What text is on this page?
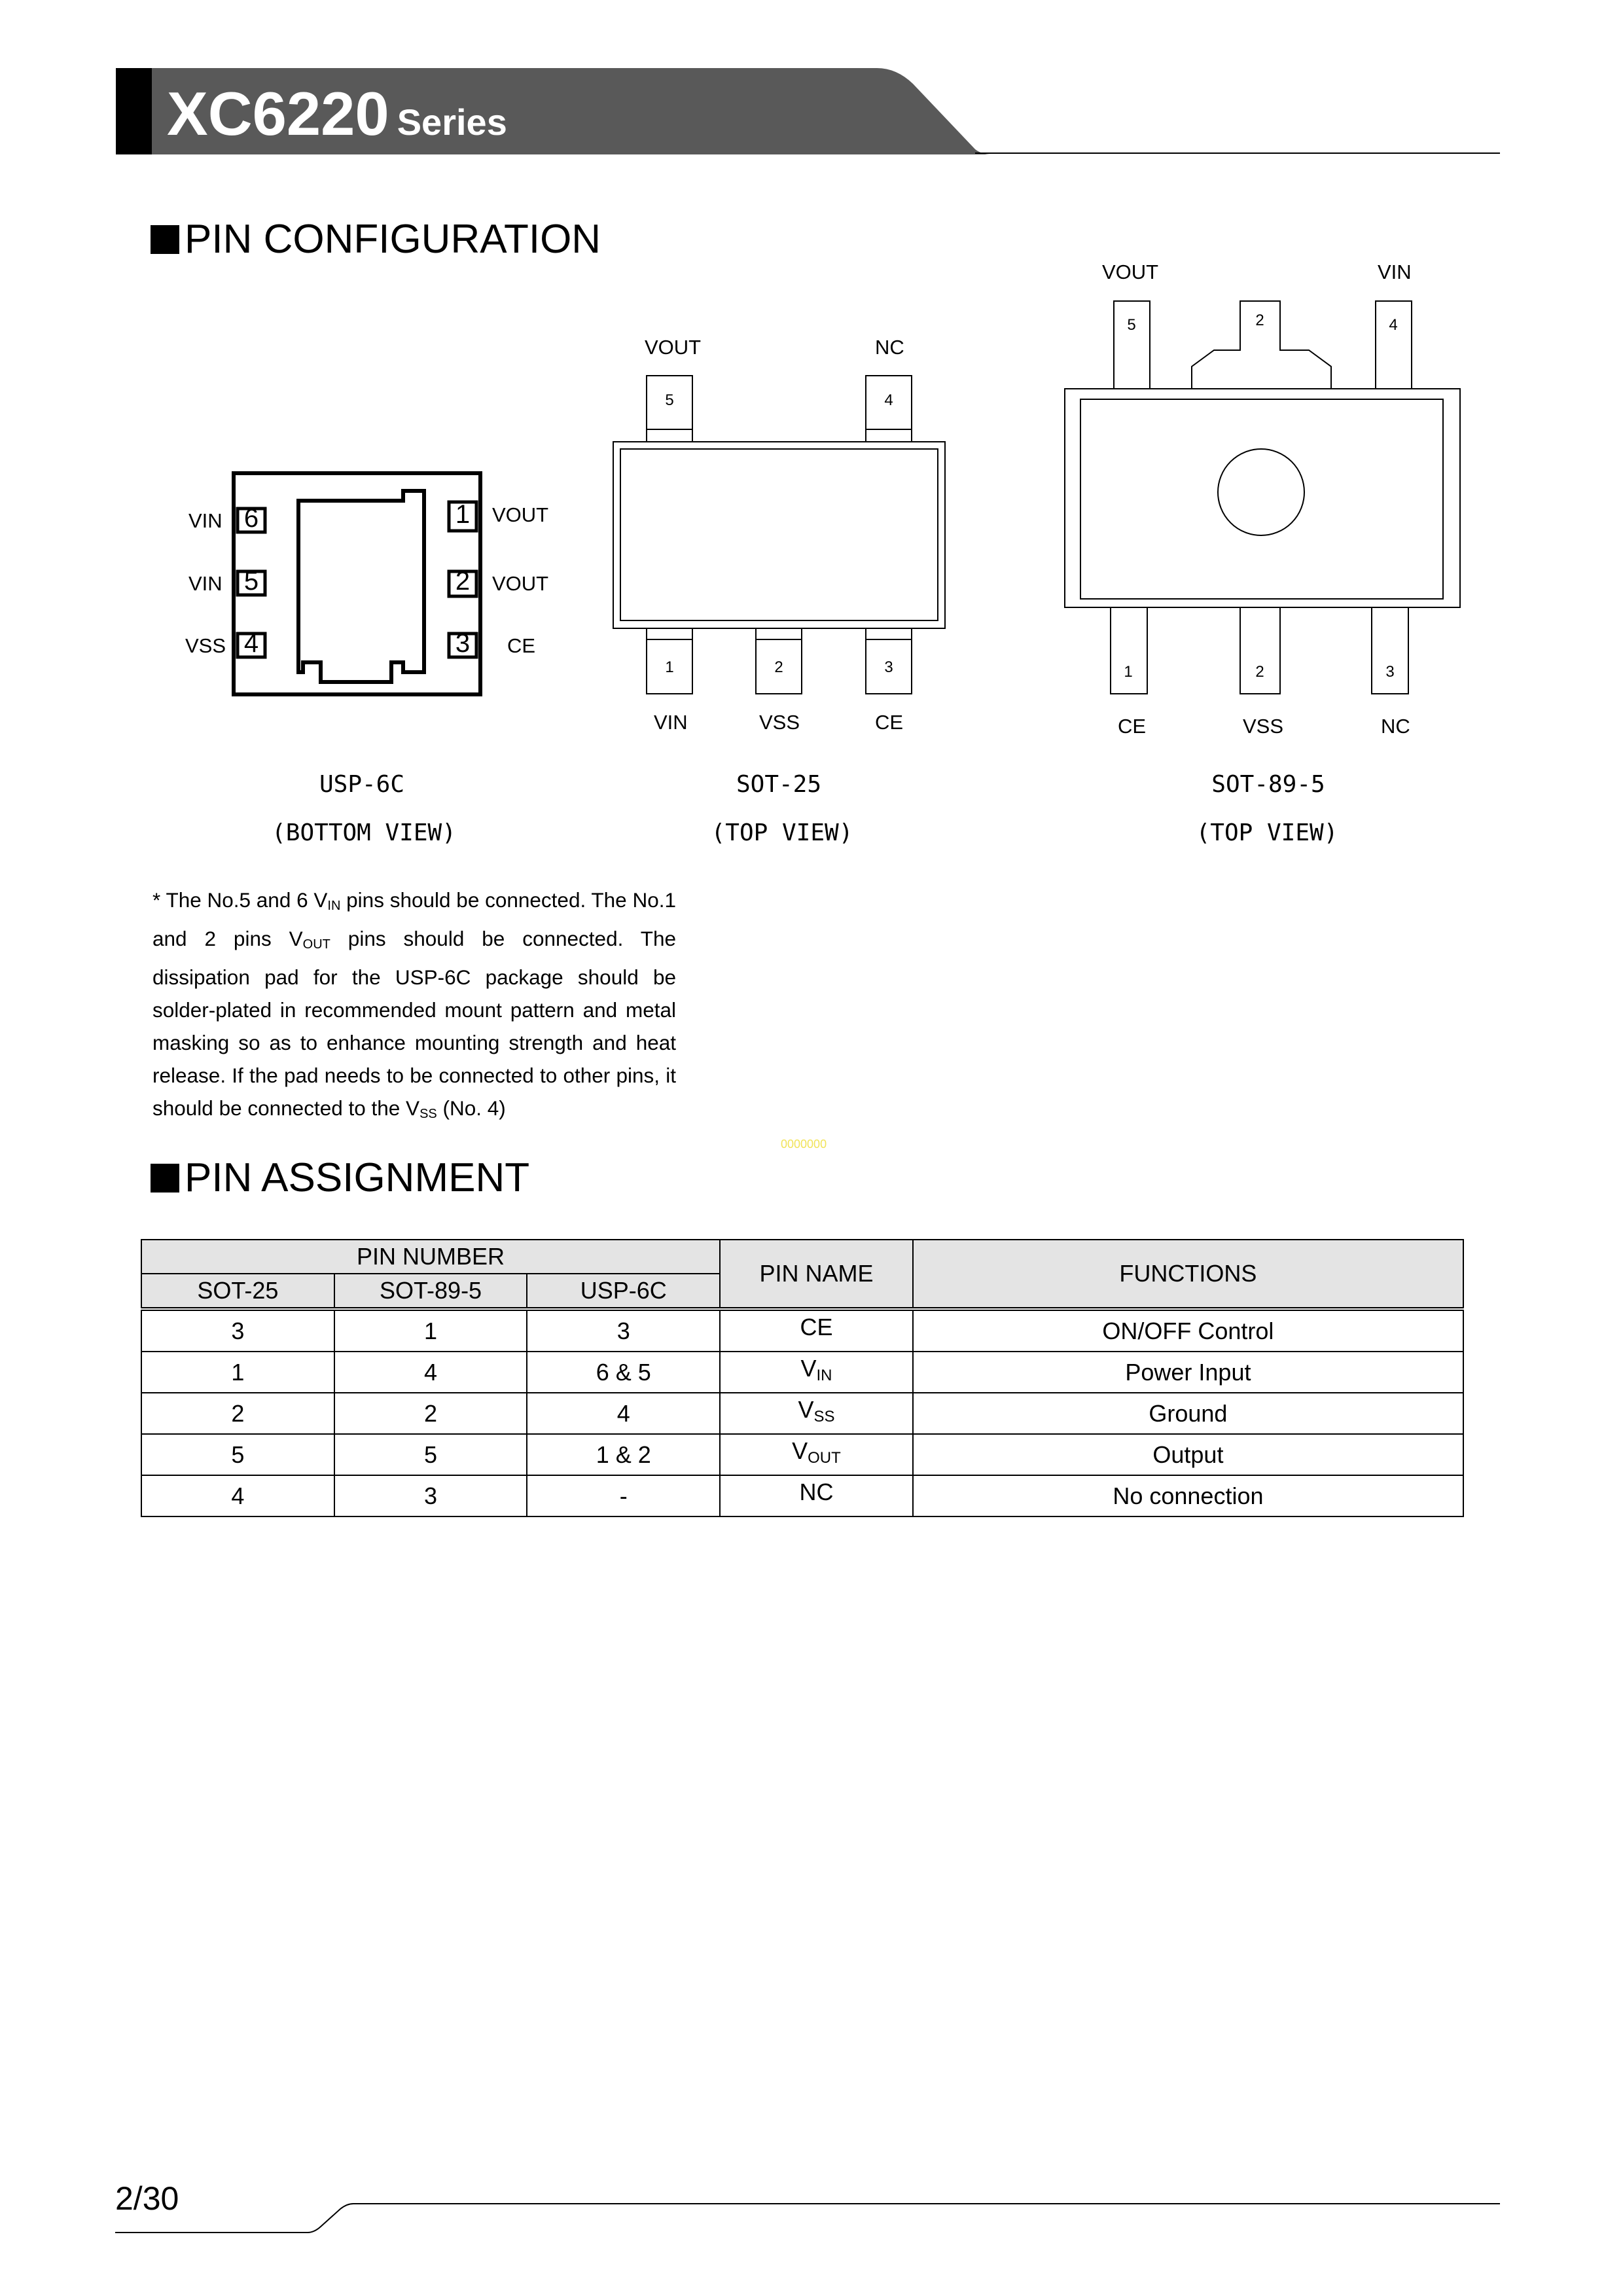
XC6220 Series
PIN CONFIGURATION
VIN
VIN
VSS
6
5
4
1
2
3
VOUT
VOUT
CE
USP-6C
(BOTTOM VIEW)
VOUT	NC
5	4
1	2	3
VIN	VSS	CE
SOT-25
(TOP VIEW)
VOUT	VIN
5	2	4
1	2	3
CE	VSS	NC
SOT-89-5
(TOP VIEW)
* The No.5 and 6 $V_{IN}$ pins should be connected. The No.1 and 2 pins $V_{OUT}$ pins should be connected. The dissipation pad for the USP-6C package should be solder-plated in recommended mount pattern and metal masking so as to enhance mounting strength and heat release. If the pad needs to be connected to other pins, it should be connected to the $V_{SS}$ (No. 4)
0000000
PIN ASSIGNMENT
PIN NUMBER			PIN NAME	FUNCTIONS
SOT-25	SOT-89-5	USP-6C		
3	1	3	CE	ON/OFF Control
1	4	6 & 5	$V_{IN}$	Power Input
2	2	4	$V_{SS}$	Ground
5	5	1 & 2	$V_{OUT}$	Output
4	3	-	NC	No connection
2/30
